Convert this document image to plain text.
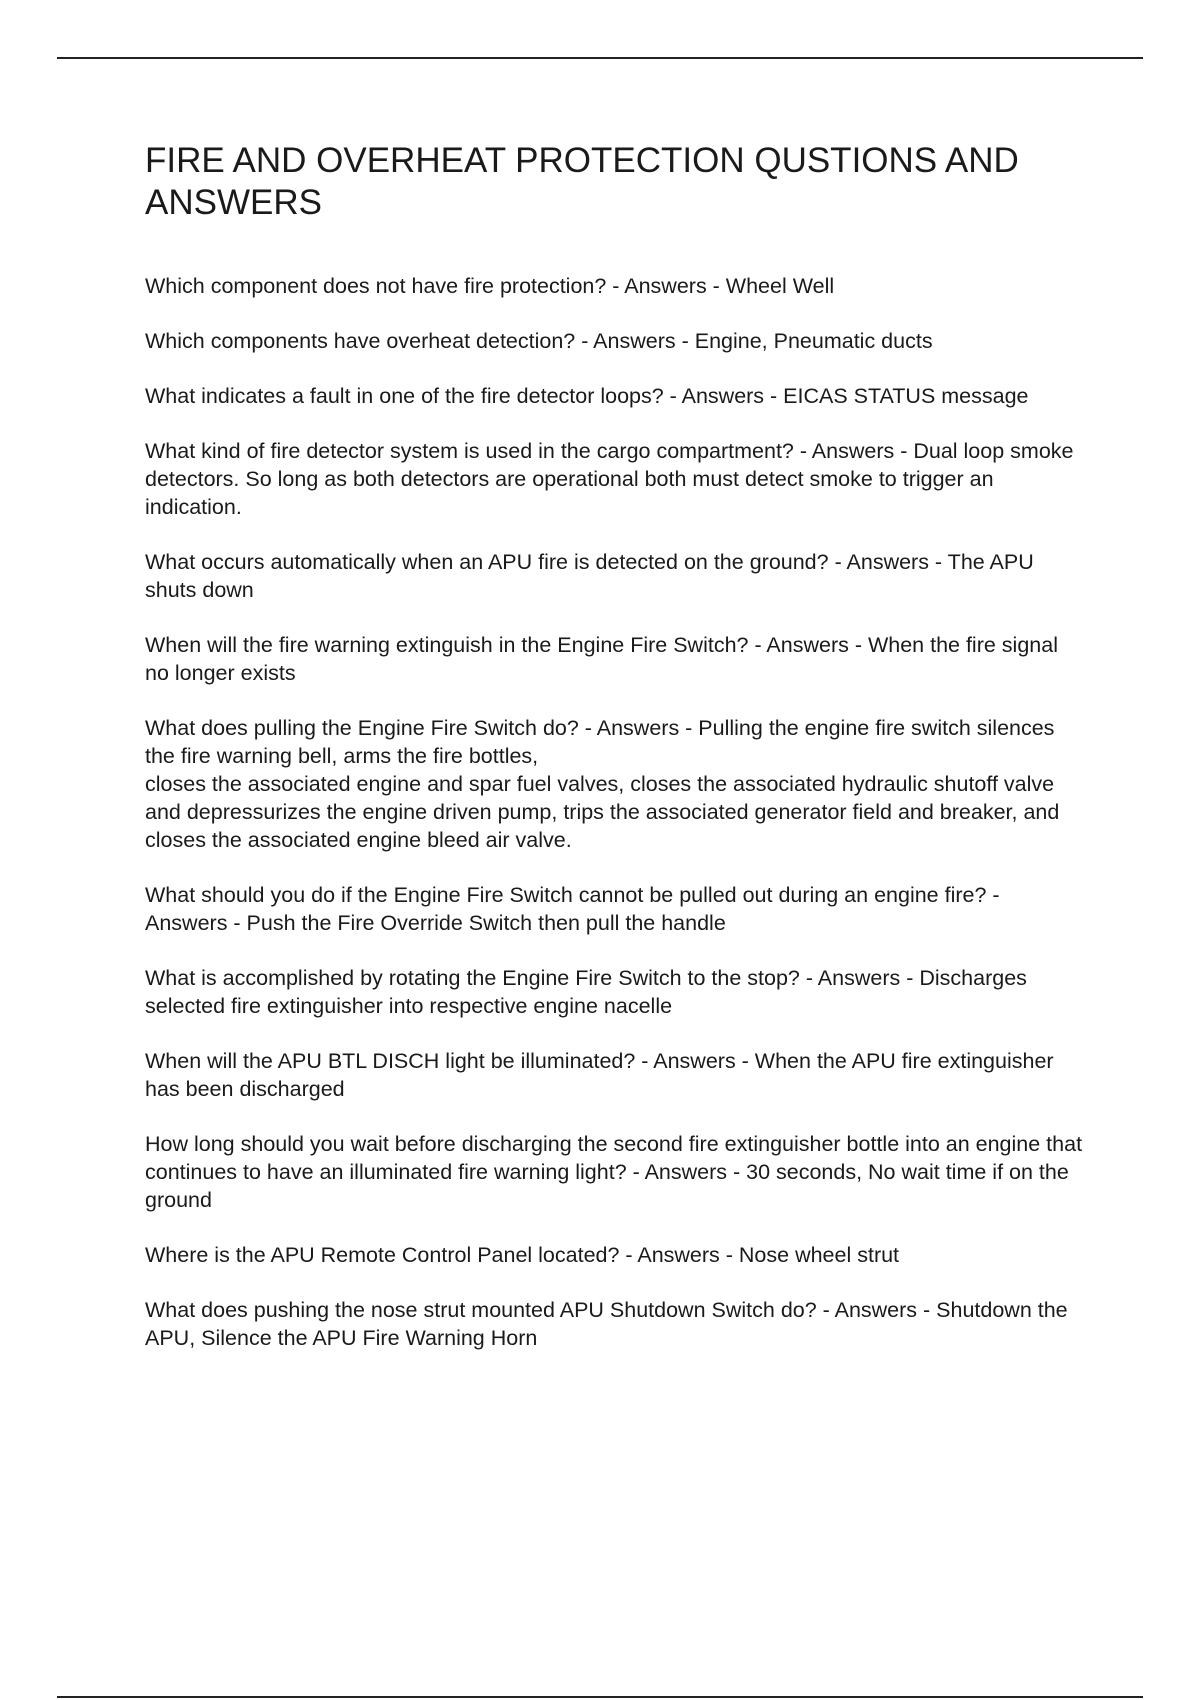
FIRE AND OVERHEAT PROTECTION QUSTIONS AND ANSWERS

Which component does not have fire protection? - Answers - Wheel Well

Which components have overheat detection? - Answers - Engine, Pneumatic ducts

What indicates a fault in one of the fire detector loops? - Answers - EICAS STATUS message

What kind of fire detector system is used in the cargo compartment? - Answers - Dual loop smoke detectors. So long as both detectors are operational both must detect smoke to trigger an indication.

What occurs automatically when an APU fire is detected on the ground? - Answers - The APU shuts down

When will the fire warning extinguish in the Engine Fire Switch? - Answers - When the fire signal no longer exists

What does pulling the Engine Fire Switch do? - Answers - Pulling the engine fire switch silences the fire warning bell, arms the fire bottles,
closes the associated engine and spar fuel valves, closes the associated hydraulic shutoff valve and depressurizes the engine driven pump, trips the associated generator field and breaker, and closes the associated engine bleed air valve.

What should you do if the Engine Fire Switch cannot be pulled out during an engine fire? - Answers - Push the Fire Override Switch then pull the handle

What is accomplished by rotating the Engine Fire Switch to the stop? - Answers - Discharges selected fire extinguisher into respective engine nacelle

When will the APU BTL DISCH light be illuminated? - Answers - When the APU fire extinguisher has been discharged

How long should you wait before discharging the second fire extinguisher bottle into an engine that continues to have an illuminated fire warning light? - Answers - 30 seconds, No wait time if on the ground

Where is the APU Remote Control Panel located? - Answers - Nose wheel strut

What does pushing the nose strut mounted APU Shutdown Switch do? - Answers - Shutdown the APU, Silence the APU Fire Warning Horn
